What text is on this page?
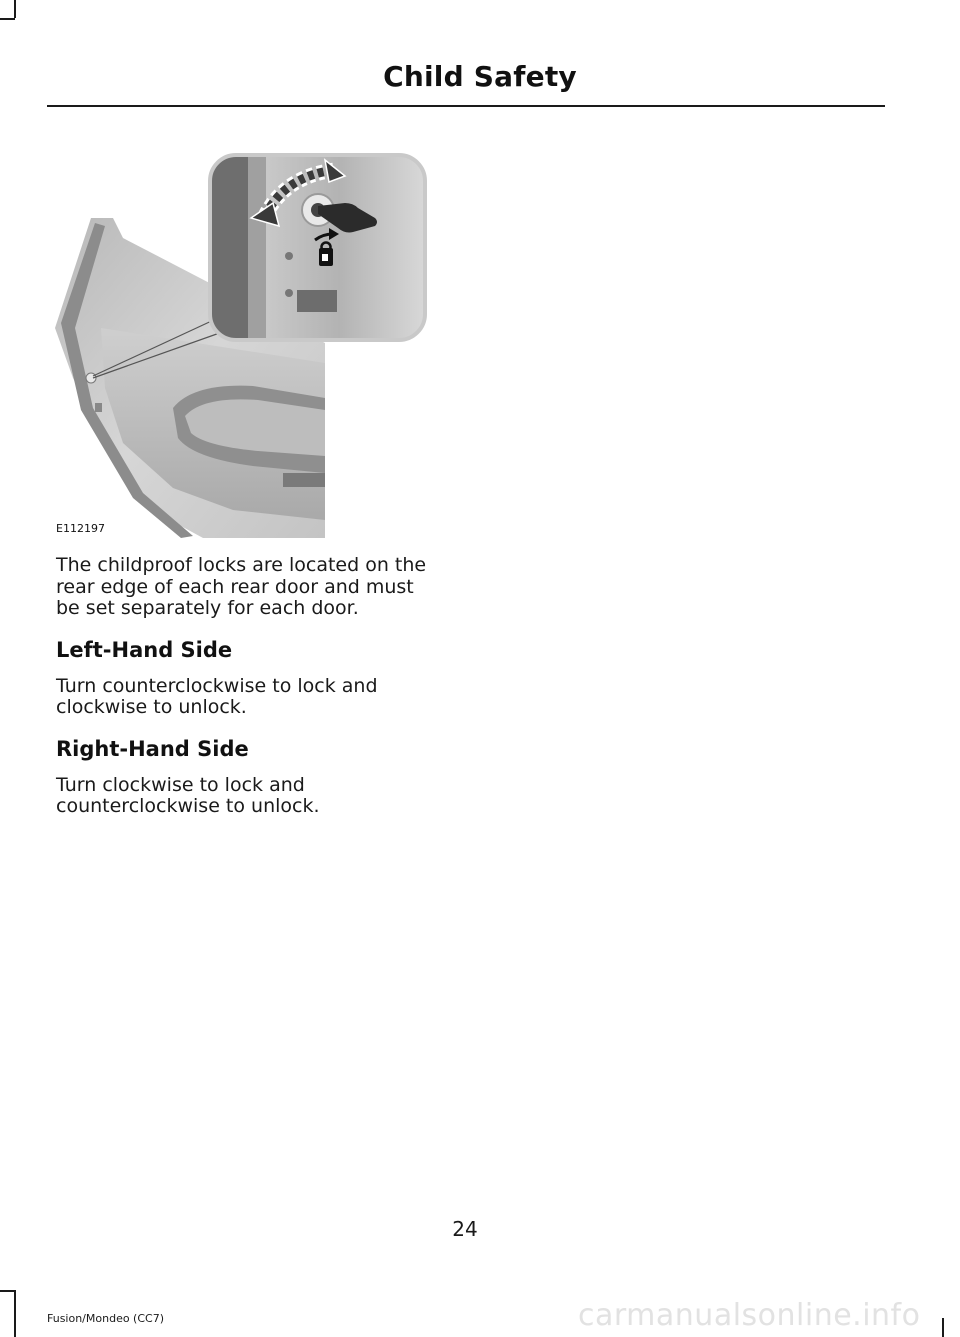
Child Safety
E112197

The childproof locks are located on the rear edge of each rear door and must be set separately for each door.

Left-Hand Side

Turn counterclockwise to lock and clockwise to unlock.

Right-Hand Side

Turn clockwise to lock and counterclockwise to unlock.

24
Fusion/Mondeo (CC7)	carmanualsonline.info
